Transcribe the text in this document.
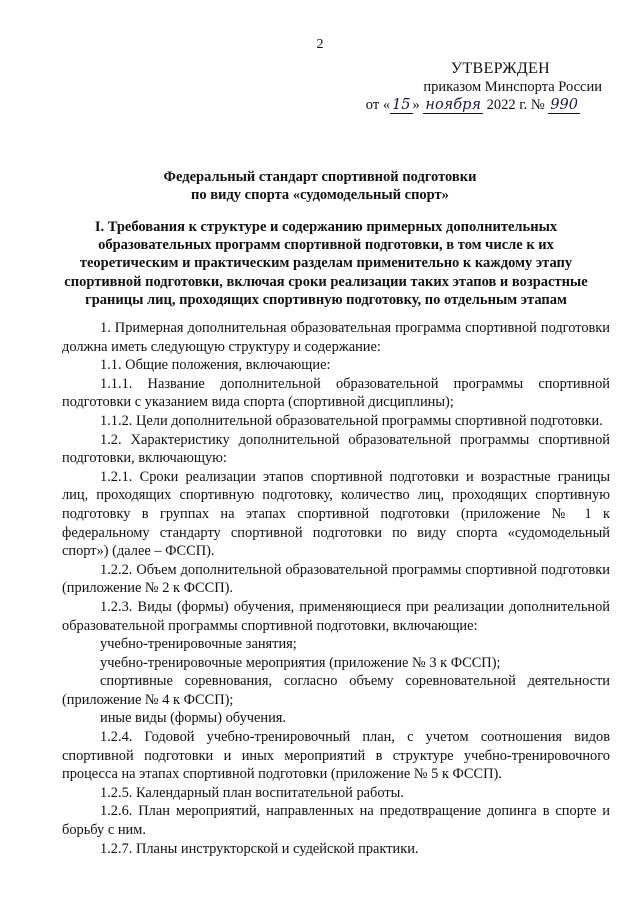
2
УТВЕРЖДЕН
приказом Минспорта России
от « 15 » ноября 2022 г. № 990
Федеральный стандарт спортивной подготовки
по виду спорта «судомодельный спорт»
I. Требования к структуре и содержанию примерных дополнительных образовательных программ спортивной подготовки, в том числе к их теоретическим и практическим разделам применительно к каждому этапу спортивной подготовки, включая сроки реализации таких этапов и возрастные границы лиц, проходящих спортивную подготовку, по отдельным этапам

1. Примерная дополнительная образовательная программа спортивной подготовки должна иметь следующую структуру и содержание:

1.1. Общие положения, включающие:

1.1.1. Название дополнительной образовательной программы спортивной подготовки с указанием вида спорта (спортивной дисциплины);

1.1.2. Цели дополнительной образовательной программы спортивной подготовки.

1.2. Характеристику дополнительной образовательной программы спортивной подготовки, включающую:

1.2.1. Сроки реализации этапов спортивной подготовки и возрастные границы лиц, проходящих спортивную подготовку, количество лиц, проходящих спортивную подготовку в группах на этапах спортивной подготовки (приложение № 1 к федеральному стандарту спортивной подготовки по виду спорта «судомодельный спорт») (далее – ФССП).

1.2.2. Объем дополнительной образовательной программы спортивной подготовки (приложение № 2 к ФССП).

1.2.3. Виды (формы) обучения, применяющиеся при реализации дополнительной образовательной программы спортивной подготовки, включающие:

учебно-тренировочные занятия;

учебно-тренировочные мероприятия (приложение № 3 к ФССП);

спортивные соревнования, согласно объему соревновательной деятельности (приложение № 4 к ФССП);

иные виды (формы) обучения.

1.2.4. Годовой учебно-тренировочный план, с учетом соотношения видов спортивной подготовки и иных мероприятий в структуре учебно-тренировочного процесса на этапах спортивной подготовки (приложение № 5 к ФССП).

1.2.5. Календарный план воспитательной работы.

1.2.6. План мероприятий, направленных на предотвращение допинга в спорте и борьбу с ним.

1.2.7. Планы инструкторской и судейской практики.
